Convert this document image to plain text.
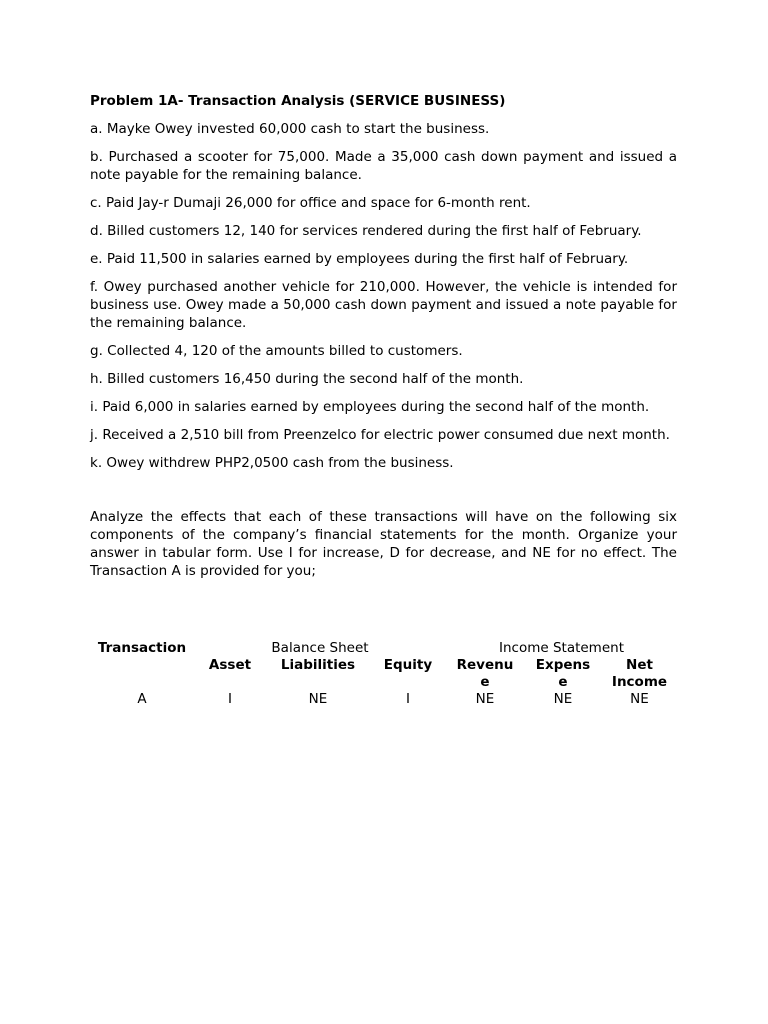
Problem 1A- Transaction Analysis (SERVICE BUSINESS)

a. Mayke Owey invested 60,000 cash to start the business.

b. Purchased a scooter for 75,000. Made a 35,000 cash down payment and issued a note payable for the remaining balance.

c. Paid Jay-r Dumaji 26,000 for office and space for 6-month rent.

d. Billed customers 12, 140 for services rendered during the first half of February.

e. Paid 11,500 in salaries earned by employees during the first half of February.

f. Owey purchased another vehicle for 210,000. However, the vehicle is intended for business use. Owey made a 50,000 cash down payment and issued a note payable for the remaining balance.

g. Collected 4, 120 of the amounts billed to customers.

h. Billed customers 16,450 during the second half of the month.

i. Paid 6,000 in salaries earned by employees during the second half of the month.

j. Received a 2,510 bill from Preenzelco for electric power consumed due next month.

k. Owey withdrew PHP2,0500 cash from the business.

Analyze the effects that each of these transactions will have on the following six components of the company’s financial statements for the month. Organize your answer in tabular form. Use I for increase, D for decrease, and NE for no effect. The Transaction A is provided for you;

Transaction	Balance Sheet			Income Statement		
	Asset	Liabilities	Equity	Revenue	Expense	Net Income
A	I	NE	I	NE	NE	NE
